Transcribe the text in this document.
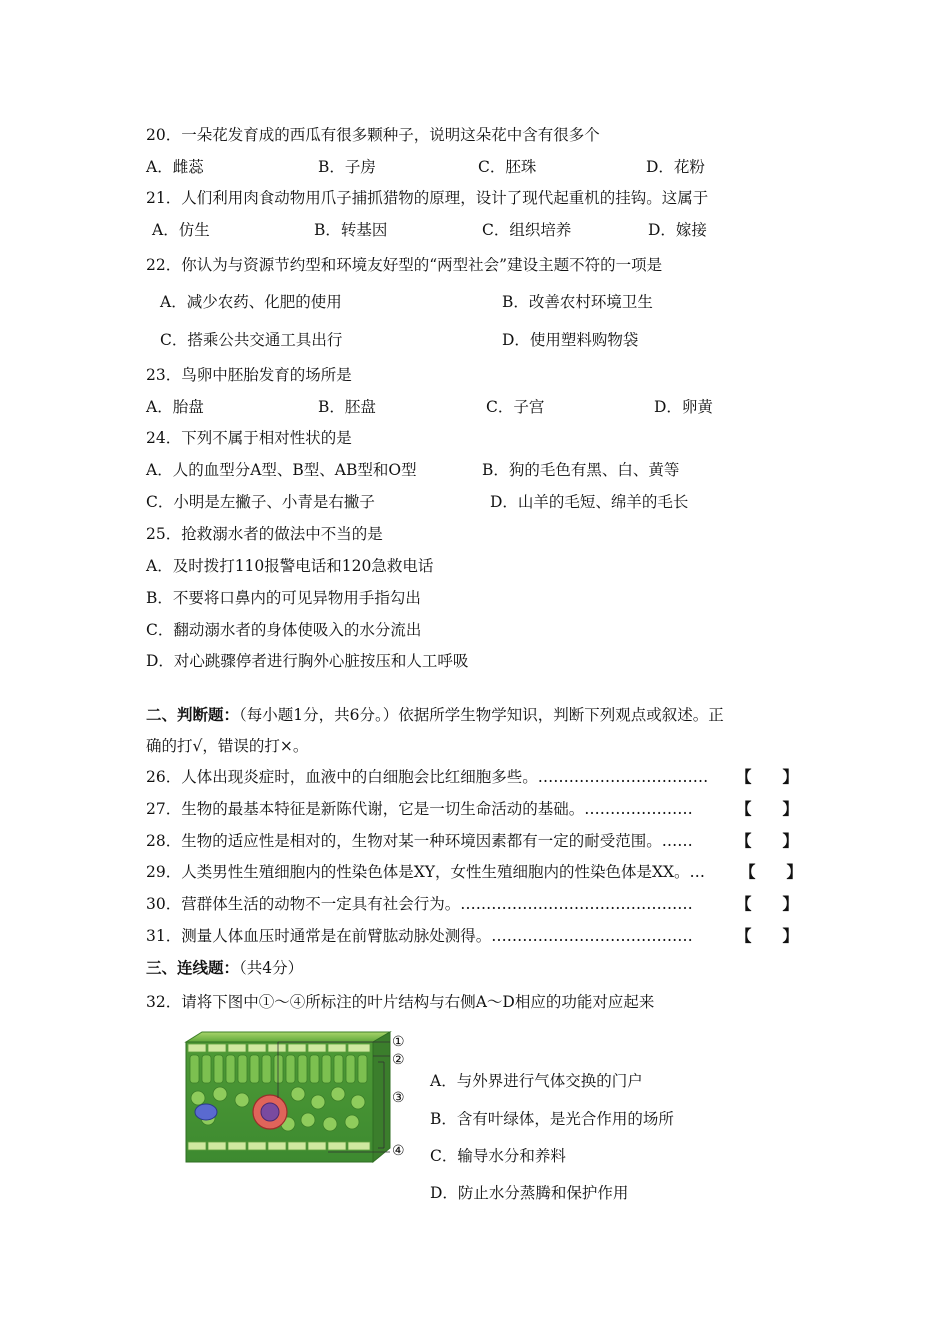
20．一朵花发育成的西瓜有很多颗种子，说明这朵花中含有很多个
A．雌蕊	B．子房	C．胚珠	D．花粉
21．人们利用肉食动物用爪子捕抓猎物的原理，设计了现代起重机的挂钩。这属于
A．仿生	B．转基因	C．组织培养	D．嫁接
22．你认为与资源节约型和环境友好型的“两型社会”建设主题不符的一项是
A．减少农药、化肥的使用	B．改善农村环境卫生
C．搭乘公共交通工具出行	D．使用塑料购物袋
23．鸟卵中胚胎发育的场所是
A．胎盘	B．胚盘	C．子宫	D．卵黄
24．下列不属于相对性状的是
A．人的血型分A型、B型、AB型和O型	B．狗的毛色有黑、白、黄等
C．小明是左撇子、小青是右撇子	D．山羊的毛短、绵羊的毛长
25．抢救溺水者的做法中不当的是
A．及时拨打110报警电话和120急救电话
B．不要将口鼻内的可见异物用手指勾出
C．翻动溺水者的身体使吸入的水分流出
D．对心跳骤停者进行胸外心脏按压和人工呼吸
二、判断题：（每小题1分，共6分。）依据所学生物学知识，判断下列观点或叙述。正
确的打√，错误的打×。
26．人体出现炎症时，血液中的白细胞会比红细胞多些。…………………………… 【　　】
27．生物的最基本特征是新陈代谢，它是一切生命活动的基础。…………………	【　　】
28．生物的适应性是相对的，生物对某一种环境因素都有一定的耐受范围。……	【　　】
29．人类男性生殖细胞内的性染色体是XY，女性生殖细胞内的性染色体是XX。… 【　　】
30．营群体生活的动物不一定具有社会行为。………………………………………	【　　】
31．测量人体血压时通常是在前臂肱动脉处测得。…………………………………	【　　】
三、连线题：（共4分）
32．请将下图中①～④所标注的叶片结构与右侧A～D相应的功能对应起来
①
②
③
④
A．与外界进行气体交换的门户
B．含有叶绿体，是光合作用的场所
C．输导水分和养料
D．防止水分蒸腾和保护作用
